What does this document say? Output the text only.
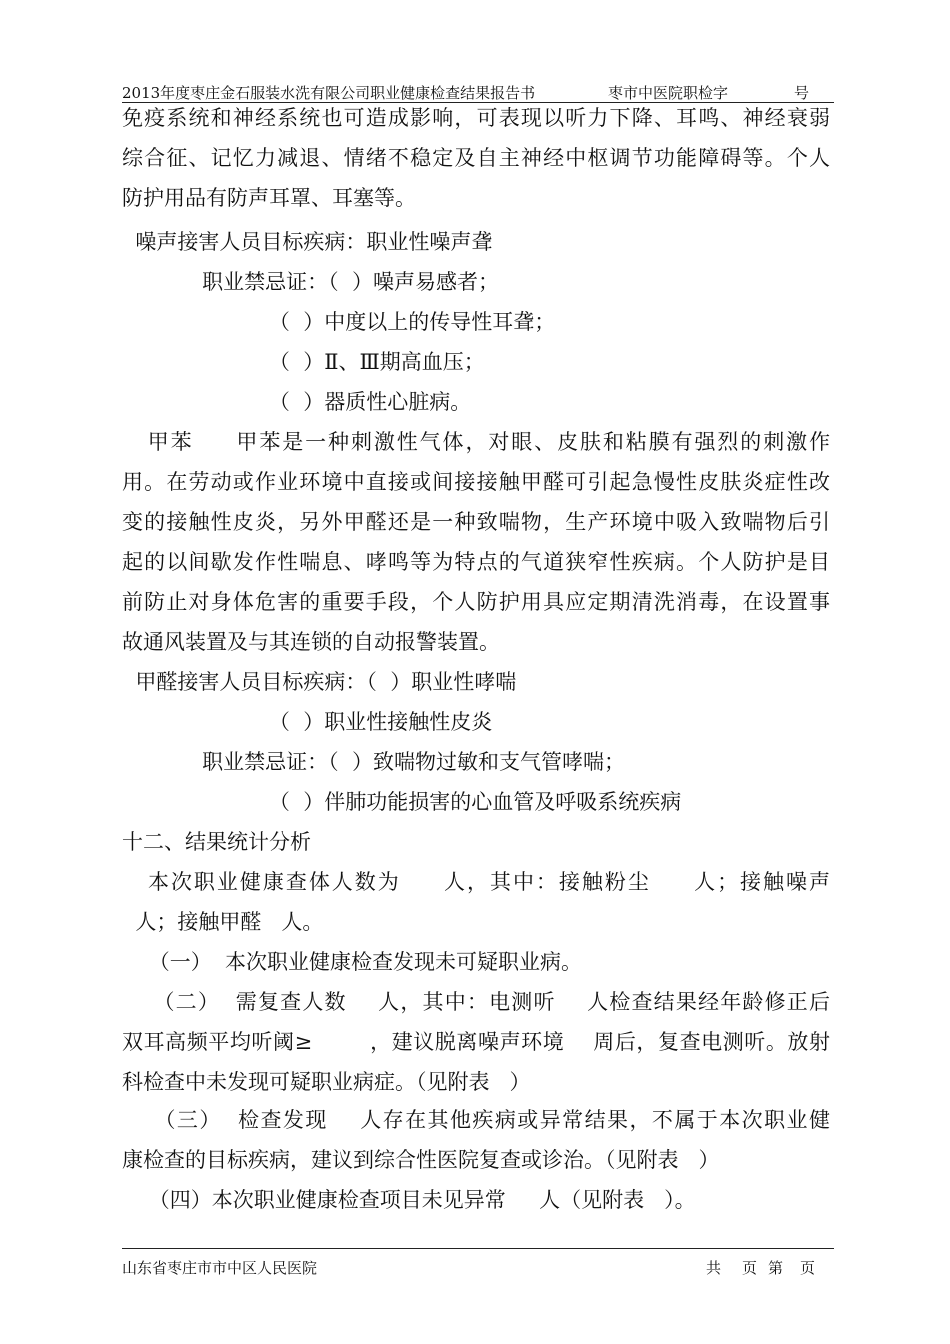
2013年度枣庄金石服装水洗有限公司职业健康检查结果报告书	枣市中医院职检字	号
免疫系统和神经系统也可造成影响，可表现以听力下降、耳鸣、神经衰弱
综合征、记忆力减退、情绪不稳定及自主神经中枢调节功能障碍等。个人
防护用品有防声耳罩、耳塞等。
噪声接害人员目标疾病：职业性噪声聋
职业禁忌证：（  ）噪声易感者；
（  ）中度以上的传导性耳聋；
（  ）Ⅱ、Ⅲ期高血压；
（  ）器质性心脏病。
甲苯     甲苯是一种刺激性气体，对眼、皮肤和粘膜有强烈的刺激作
用。在劳动或作业环境中直接或间接接触甲醛可引起急慢性皮肤炎症性改
变的接触性皮炎，另外甲醛还是一种致喘物，生产环境中吸入致喘物后引
起的以间歇发作性喘息、哮鸣等为特点的气道狭窄性疾病。个人防护是目
前防止对身体危害的重要手段，个人防护用具应定期清洗消毒，在设置事
故通风装置及与其连锁的自动报警装置。
甲醛接害人员目标疾病：（  ）职业性哮喘
（  ）职业性接触性皮炎
职业禁忌证：（  ）致喘物过敏和支气管哮喘；
（  ）伴肺功能损害的心血管及呼吸系统疾病
十二、结果统计分析
本次职业健康查体人数为     人，其中：接触粉尘     人；接触噪声
人；接触甲醛   人。
（一）  本次职业健康检查发现未可疑职业病。
（二）  需复查人数    人，其中：电测听    人检查结果经年龄修正后
双耳高频平均听阈≥        ，建议脱离噪声环境    周后，复查电测听。放射
科检查中未发现可疑职业病症。（见附表   ）
（三）  检查发现    人存在其他疾病或异常结果，不属于本次职业健
康检查的目标疾病，建议到综合性医院复查或诊治。（见附表   ）
（四）本次职业健康检查项目未见异常     人（见附表   ）。
山东省枣庄市市中区人民医院	共 页 第 页
